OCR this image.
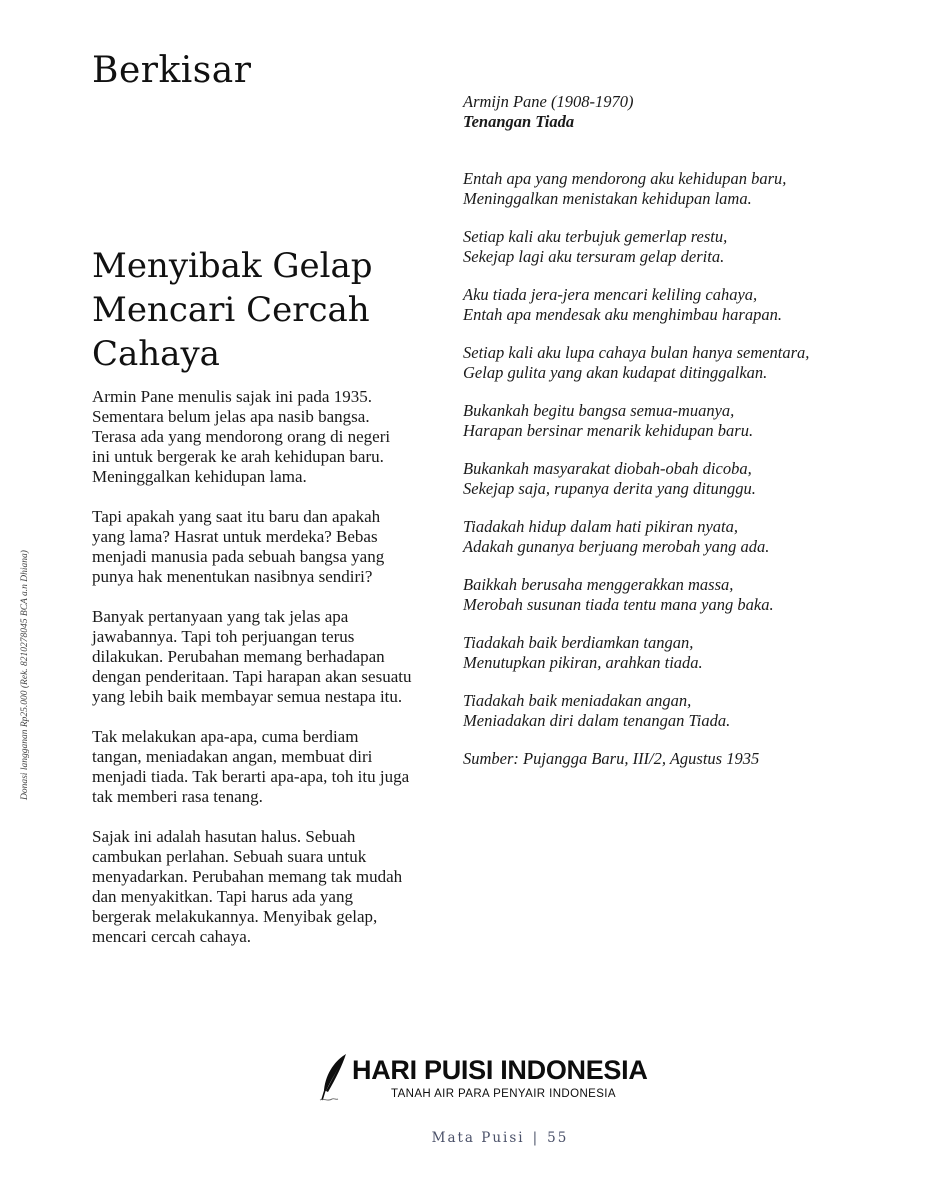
Berkisar
Menyibak Gelap
Mencari Cercah
Cahaya

Armin Pane menulis sajak ini pada 1935. Sementara belum jelas apa nasib bangsa. Terasa ada yang mendorong orang di negeri ini untuk bergerak ke arah kehidupan baru. Meninggalkan kehidupan lama.

Tapi apakah yang saat itu baru dan apakah yang lama? Hasrat untuk merdeka? Bebas menjadi manusia pada sebuah bangsa yang punya hak menentukan nasibnya sendiri?

Banyak pertanyaan yang tak jelas apa jawabannya. Tapi toh perjuangan terus dilakukan. Perubahan memang berhadapan dengan penderitaan. Tapi harapan akan sesuatu yang lebih baik membayar semua nestapa itu.

Tak melakukan apa-apa, cuma berdiam tangan, meniadakan angan, membuat diri menjadi tiada. Tak berarti apa-apa, toh itu juga tak memberi rasa tenang.

Sajak ini adalah hasutan halus. Sebuah cambukan perlahan. Sebuah suara untuk menyadarkan. Perubahan memang tak mudah dan menyakitkan. Tapi harus ada yang bergerak melakukannya. Menyibak gelap, mencari cercah cahaya.

Donasi langganan Rp25.000 (Rek. 8210278045 BCA a.n Dhiana)

Armijn Pane (1908-1970)

Tenangan Tiada

Entah apa yang mendorong aku kehidupan baru,
Meninggalkan menistakan kehidupan lama.

Setiap kali aku terbujuk gemerlap restu,
Sekejap lagi aku tersuram gelap derita.

Aku tiada jera-jera mencari keliling cahaya,
Entah apa mendesak aku menghimbau harapan.

Setiap kali aku lupa cahaya bulan hanya sementara,
Gelap gulita yang akan kudapat ditinggalkan.

Bukankah begitu bangsa semua-muanya,
Harapan bersinar menarik kehidupan baru.

Bukankah masyarakat diobah-obah dicoba,
Sekejap saja, rupanya derita yang ditunggu.

Tiadakah hidup dalam hati pikiran nyata,
Adakah gunanya berjuang merobah yang ada.

Baikkah berusaha menggerakkan massa,
Merobah susunan tiada tentu mana yang baka.

Tiadakah baik berdiamkan tangan,
Menutupkan pikiran, arahkan tiada.

Tiadakah baik meniadakan angan,
Meniadakan diri dalam tenangan Tiada.

Sumber: Pujangga Baru, III/2, Agustus 1935

HARI PUISI INDONESIA
TANAH AIR PARA PENYAIR INDONESIA
Mata Puisi | 55
